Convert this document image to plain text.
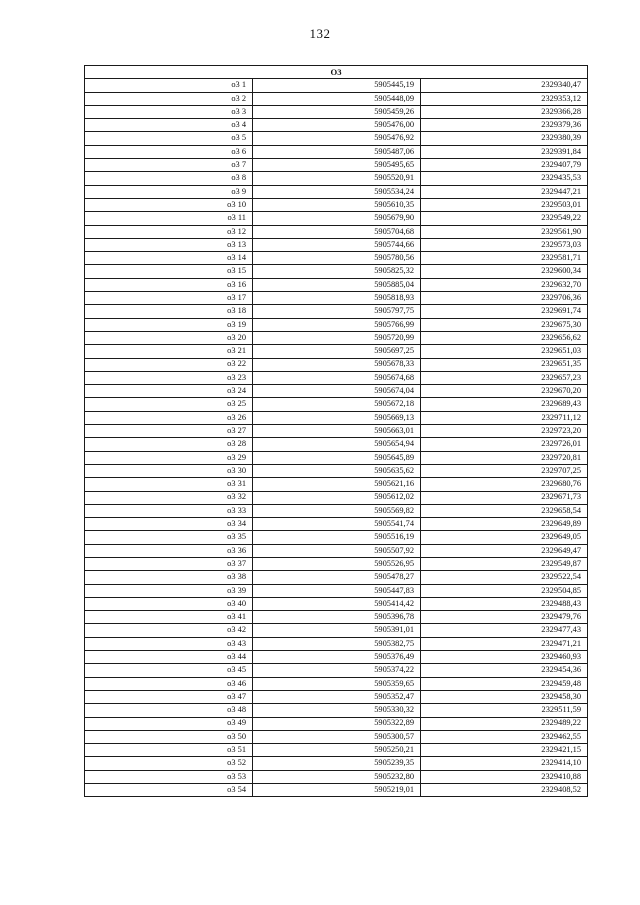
132
O3		
o3 1	5905445,19	2329340,47
o3 2	5905448,09	2329353,12
o3 3	5905459,26	2329366,28
o3 4	5905476,00	2329379,36
o3 5	5905476,92	2329380,39
o3 6	5905487,06	2329391,84
o3 7	5905495,65	2329407,79
o3 8	5905520,91	2329435,53
o3 9	5905534,24	2329447,21
o3 10	5905610,35	2329503,01
o3 11	5905679,90	2329549,22
o3 12	5905704,68	2329561,90
o3 13	5905744,66	2329573,03
o3 14	5905780,56	2329581,71
o3 15	5905825,32	2329600,34
o3 16	5905885,04	2329632,70
o3 17	5905818,93	2329706,36
o3 18	5905797,75	2329691,74
o3 19	5905766,99	2329675,30
o3 20	5905720,99	2329656,62
o3 21	5905697,25	2329651,03
o3 22	5905678,33	2329651,35
o3 23	5905674,68	2329657,23
o3 24	5905674,04	2329670,20
o3 25	5905672,18	2329689,43
o3 26	5905669,13	2329711,12
o3 27	5905663,01	2329723,20
o3 28	5905654,94	2329726,01
o3 29	5905645,89	2329720,81
o3 30	5905635,62	2329707,25
o3 31	5905621,16	2329680,76
o3 32	5905612,02	2329671,73
o3 33	5905569,82	2329658,54
o3 34	5905541,74	2329649,89
o3 35	5905516,19	2329649,05
o3 36	5905507,92	2329649,47
o3 37	5905526,95	2329549,87
o3 38	5905478,27	2329522,54
o3 39	5905447,83	2329504,85
o3 40	5905414,42	2329488,43
o3 41	5905396,78	2329479,76
o3 42	5905391,01	2329477,43
o3 43	5905382,75	2329471,21
o3 44	5905376,49	2329460,93
o3 45	5905374,22	2329454,36
o3 46	5905359,65	2329459,48
o3 47	5905352,47	2329458,30
o3 48	5905330,32	2329511,59
o3 49	5905322,89	2329489,22
o3 50	5905300,57	2329462,55
o3 51	5905250,21	2329421,15
o3 52	5905239,35	2329414,10
o3 53	5905232,80	2329410,88
o3 54	5905219,01	2329408,52
